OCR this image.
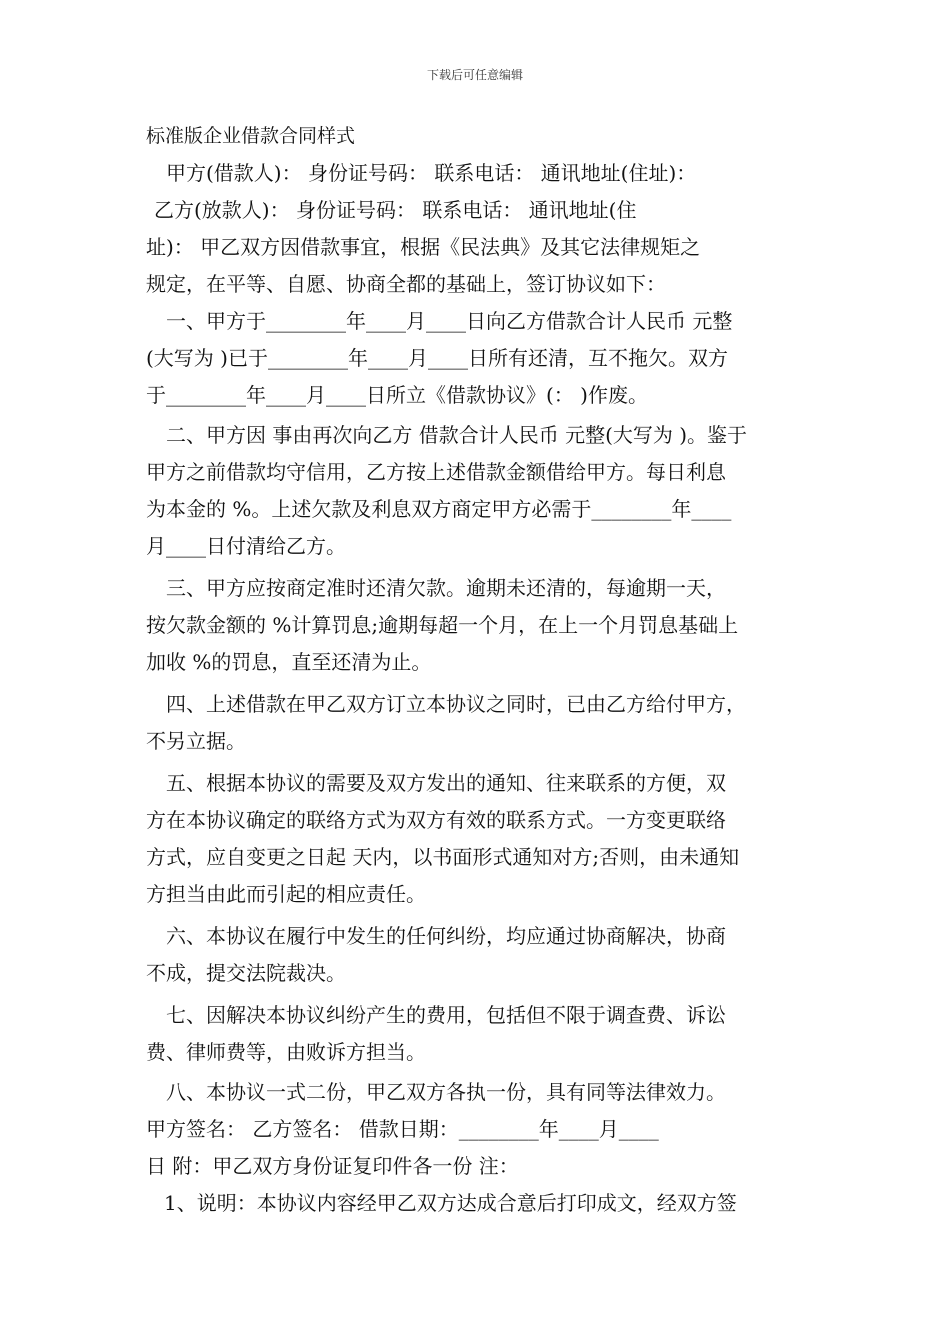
下载后可任意编辑
标准版企业借款合同样式
甲方(借款人)： 身份证号码： 联系电话： 通讯地址(住址)：
乙方(放款人)： 身份证号码： 联系电话： 通讯地址(住
址)： 甲乙双方因借款事宜，根据《民法典》及其它法律规矩之
规定，在平等、自愿、协商全都的基础上，签订协议如下：
一、甲方于________年____月____日向乙方借款合计人民币 元整
(大写为 )已于________年____月____日所有还清，互不拖欠。双方
于________年____月____日所立《借款协议》(： )作废。
二、甲方因 事由再次向乙方 借款合计人民币 元整(大写为 )。鉴于
甲方之前借款均守信用，乙方按上述借款金额借给甲方。每日利息
为本金的 %。上述欠款及利息双方商定甲方必需于________年____
月____日付清给乙方。
三、甲方应按商定准时还清欠款。逾期未还清的，每逾期一天，
按欠款金额的 %计算罚息;逾期每超一个月，在上一个月罚息基础上
加收 %的罚息，直至还清为止。
四、上述借款在甲乙双方订立本协议之同时，已由乙方给付甲方，
不另立据。
五、根据本协议的需要及双方发出的通知、往来联系的方便，双
方在本协议确定的联络方式为双方有效的联系方式。一方变更联络
方式，应自变更之日起 天内，以书面形式通知对方;否则，由未通知
方担当由此而引起的相应责任。
六、本协议在履行中发生的任何纠纷，均应通过协商解决，协商
不成，提交法院裁决。
七、因解决本协议纠纷产生的费用，包括但不限于调查费、诉讼
费、律师费等，由败诉方担当。
八、本协议一式二份，甲乙双方各执一份，具有同等法律效力。
甲方签名： 乙方签名： 借款日期：________年____月____
日 附：甲乙双方身份证复印件各一份 注：
1、说明：本协议内容经甲乙双方达成合意后打印成文，经双方签
